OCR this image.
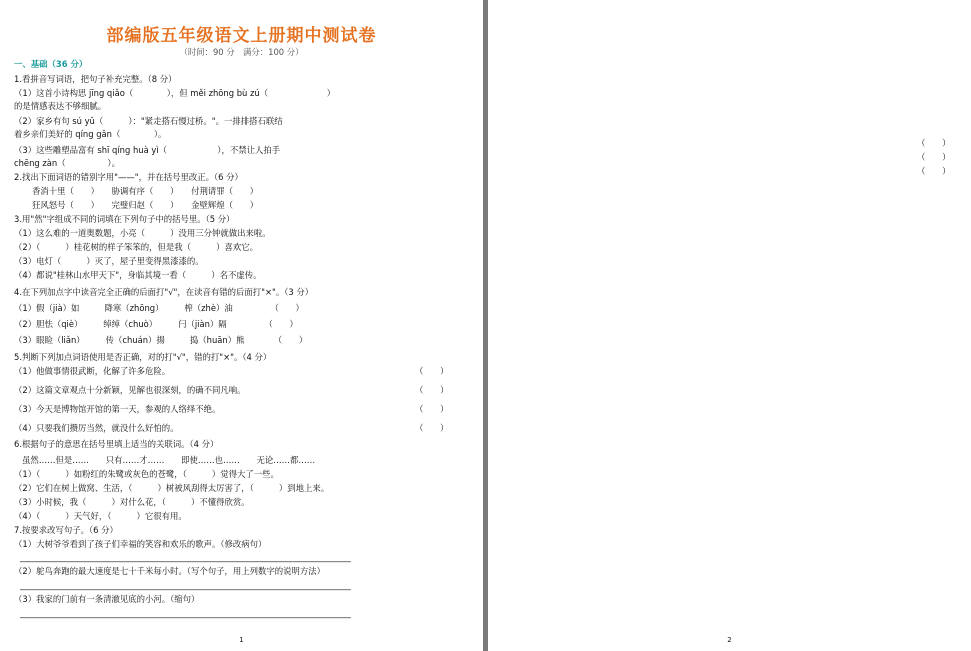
部编版五年级语文上册期中测试卷
（时间：90 分　满分：100 分）
一、基础（36 分）
1.看拼音写词语，把句子补充完整。（8 分）
（1）这首小诗构思 jīng qiǎo（　　　　），但 měi zhōng bù zú（　　　　　　　）
的是情感表达不够细腻。
（2）家乡有句 sú yǔ（　　　）："紧走搭石慢过桥。"。一排排搭石联结
着乡亲们美好的 qíng gǎn（　　　　）。
（3）这些雕塑品富有 shī qíng huà yì（　　　　　　），不禁让人拍手
chēng zàn（　　　　　）。
2.找出下面词语的错别字用"——"，并在括号里改正。（6 分）
香消十里（　　）　　胁调有序（　　）　　付荆请罪（　　）
狂风怒号（　　）　　完璧归赵（　　）　　金壁辉煌（　　）
3.用"然"字组成不同的词填在下列句子中的括号里。（5 分）
（1）这么难的一道奥数题，小亮（　　　）没用三分钟就做出来啦。
（2）（　　　）桂花树的样子笨笨的，但是我（　　　）喜欢它。
（3）电灯（　　　）灭了，屋子里变得黑漆漆的。
（4）都说"桂林山水甲天下"，身临其境一看（　　　）名不虚传。
4.在下列加点字中读音完全正确的后面打"√"，在读音有错的后面打"×"。（3 分）
（1）假（jià）如　　　降寒（zhōng）　　　榨（zhè）油　　　　　（　　）
（2）胆怯（qiè）　　　绰绰（chuò）　　　闩（jiàn）隔　　　　　（　　）
（3）眼睑（liǎn）　　　传（chuán）揚　　　捣（huān）熊　　　　（　　）
5.判断下列加点词语使用是否正确，对的打"√"，错的打"×"。（4 分）
（1）他做事情很武断，化解了许多危险。	（　　）
（2）这篇文章观点十分新颖，见解也很深刻，的确不同凡响。	（　　）
（3）今天是博物馆开馆的第一天，参观的人络绎不绝。	（　　）
（4）只要我们攒厉当然，就没什么好怕的。	（　　）
6.根据句子的意思在括号里填上适当的关联词。（4 分）
虽然……但是……　　只有……才……　　即使……也……　　无论……都……
（1）（　　　）如粉红的朱鹭或灰色的苍鹭，（　　　）觉得大了一些。
（2）它们在树上做窝、生活，（　　　）树被风刮得太厉害了，（　　　）到地上来。
（3）小时候，我（　　　）对什么花，（　　　）不懂得欣赏。
（4）（　　　）天气好，（　　　）它很有用。
7.按要求改写句子。（6 分）
（1）大树爷爷看到了孩子们幸福的笑容和欢乐的歌声。（修改病句）
_______________________________________________________________________________
（2）鸵鸟奔跑的最大速度是七十千米每小时。（写个句子，用上列数字的说明方法）
_______________________________________________________________________________
（3）我家的门前有一条清澈见底的小河。（缩句）
_______________________________________________________________________________
1
（　　）
（　　）
（　　）
2
